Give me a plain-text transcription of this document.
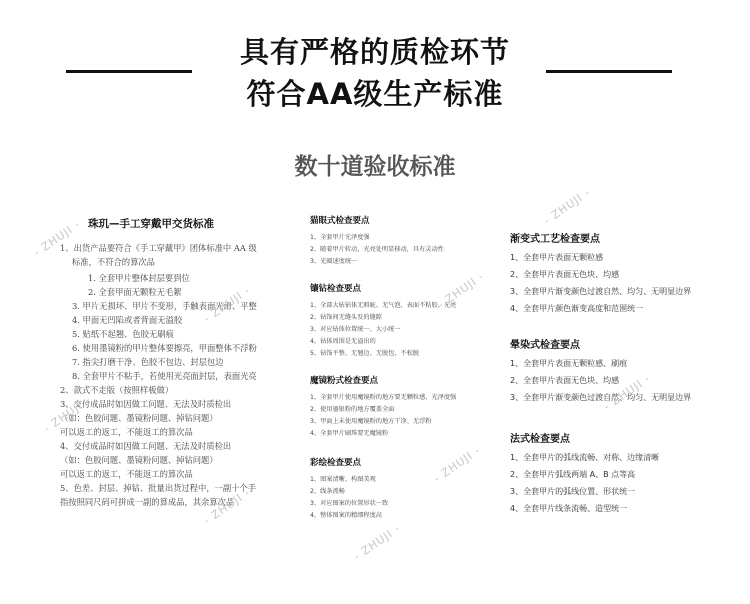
具有严格的质检环节
符合AA级生产标准
数十道验收标准
珠玑—手工穿戴甲交货标准
1、出货产品要符合《手工穿戴甲》团体标准中 AA 级
标准，不符合的算次品
1. 全套甲片整体封层要到位
2. 全套甲面无颗粒无毛絮
3. 甲片无损坏、甲片不变形，手触表面光滑、平整
4. 甲面无凹陷或者背面无溢胶
5. 贴纸不起翘、色胶无刷痕
6. 使用墨镜粉的甲片整体要擦亮，甲面整体不浮粉
7. 指尖打磨干净、色胶不包边、封层包边
8. 全套甲片不粘手，若使用光亮面封层，表面光亮
2、款式不走版（按照样板做）
3、交付成品时如因做工问题、无法及时质检出
（如：色胶问题、墨镜粉问题、掉钻问题）
可以返工的返工，不能返工的算次品
4、交付成品时如因做工问题、无法及时质检出
（如：色胶问题、墨镜粉问题、掉钻问题）
可以返工的返工，不能返工的算次品
5、色差、封层、掉钻、批量出货过程中，一副十个手
指按照同尺码可拼成一副的算成品，其余算次品
猫眼式检查要点
1、全套甲片光泽度强
2、随着甲片转动，光亮处明显移动，具有灵动性
3、光圈速度统一
镶钻检查要点
1、全部大钻钻体无瑕疵、无气泡、表面不粘胶、光亮
2、钻饰间无缝头发的缝隙
3、对应钻体位置统一、大小统一
4、钻体周围是无溢出的
5、钻饰平整、无翘边、无脱包、不松脱
魔镜粉式检查要点
1、全套甲片使用魔镜粉的地方要无颗粒感、光泽度强
2、使用鎏银粉的地方覆盖全面
3、甲面上未使用魔镜粉的地方干净、无浮粉
4、全套甲片刷珠要无魔镜粉
彩绘检查要点
1、图案清晰、构图美观
2、线条流畅
3、对应图案的位置形状一致
4、整体图案的精细程度高
渐变式工艺检查要点
1、全套甲片表面无颗粒感
2、全套甲片表面无色块、均感
3、全套甲片渐变颜色过渡自然、均匀、无明显边界
4、全套甲片颜色渐变高度和范围统一
晕染式检查要点
1、全套甲片表面无颗粒感、刷痕
2、全套甲片表面无色块、均感
3、全套甲片渐变颜色过渡自然、均匀、无明显边界
法式检查要点
1、全套甲片的弧线流畅、对称、边缘清晰
2、全套甲片弧线两端 A、B 点等高
3、全套甲片的弧线位置、形状统一
4、全套甲片线条流畅、造型统一
- ZHUJI -
- ZHUJI -
- ZHUJI -
- ZHUJI -
- ZHUJI -
- ZHUJI -
- ZHUJI -
- ZHUJI -
- ZHUJI -
